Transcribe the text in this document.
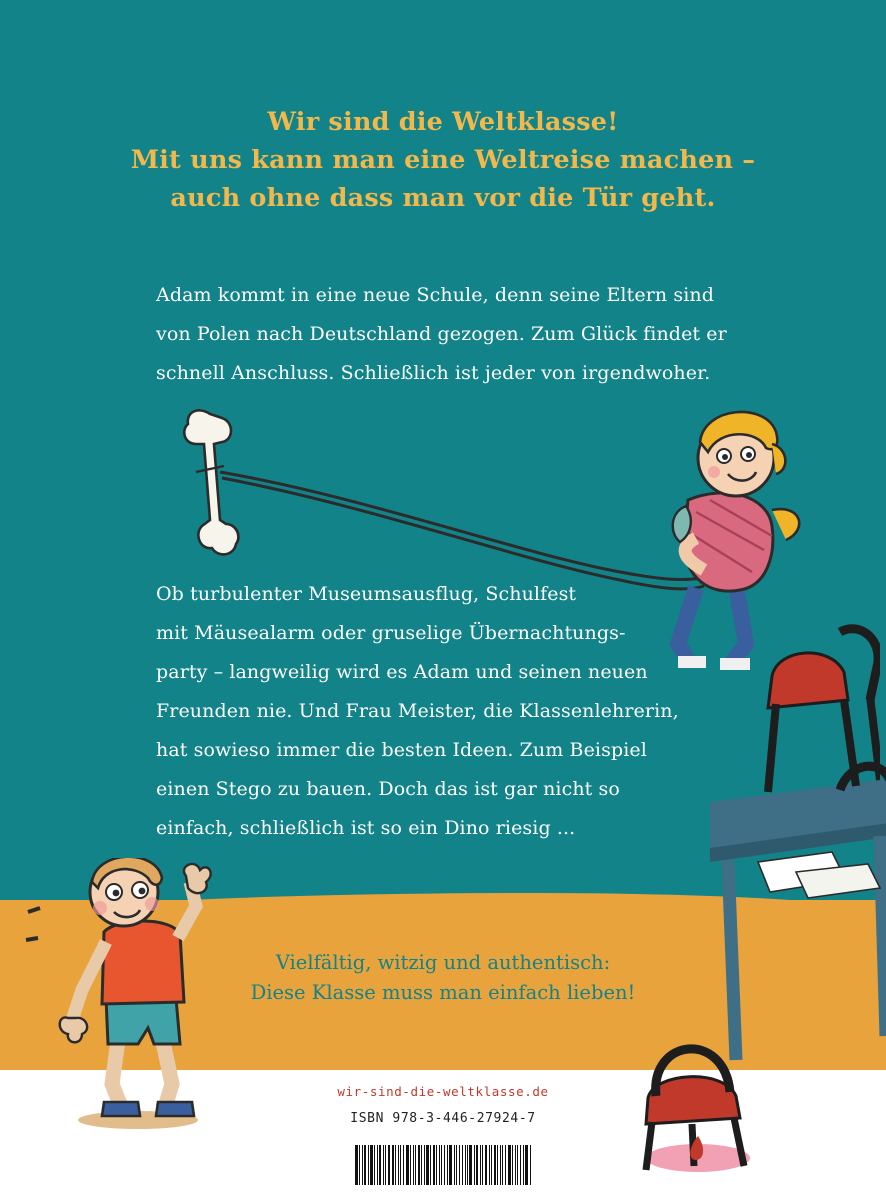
Wir sind die Weltklasse!
Mit uns kann man eine Weltreise machen –
auch ohne dass man vor die Tür geht.
Adam kommt in eine neue Schule, denn seine Eltern sind
von Polen nach Deutschland gezogen. Zum Glück findet er
schnell Anschluss. Schließlich ist jeder von irgendwoher.
Ob turbulenter Museumsausflug, Schulfest
mit Mäusealarm oder gruselige Übernachtungs-
party – langweilig wird es Adam und seinen neuen
Freunden nie. Und Frau Meister, die Klassenlehrerin,
hat sowieso immer die besten Ideen. Zum Beispiel
einen Stego zu bauen. Doch das ist gar nicht so
einfach, schließlich ist so ein Dino riesig ...
Vielfältig, witzig und authentisch:
Diese Klasse muss man einfach lieben!
wir-sind-die-weltklasse.de
ISBN 978-3-446-27924-7
